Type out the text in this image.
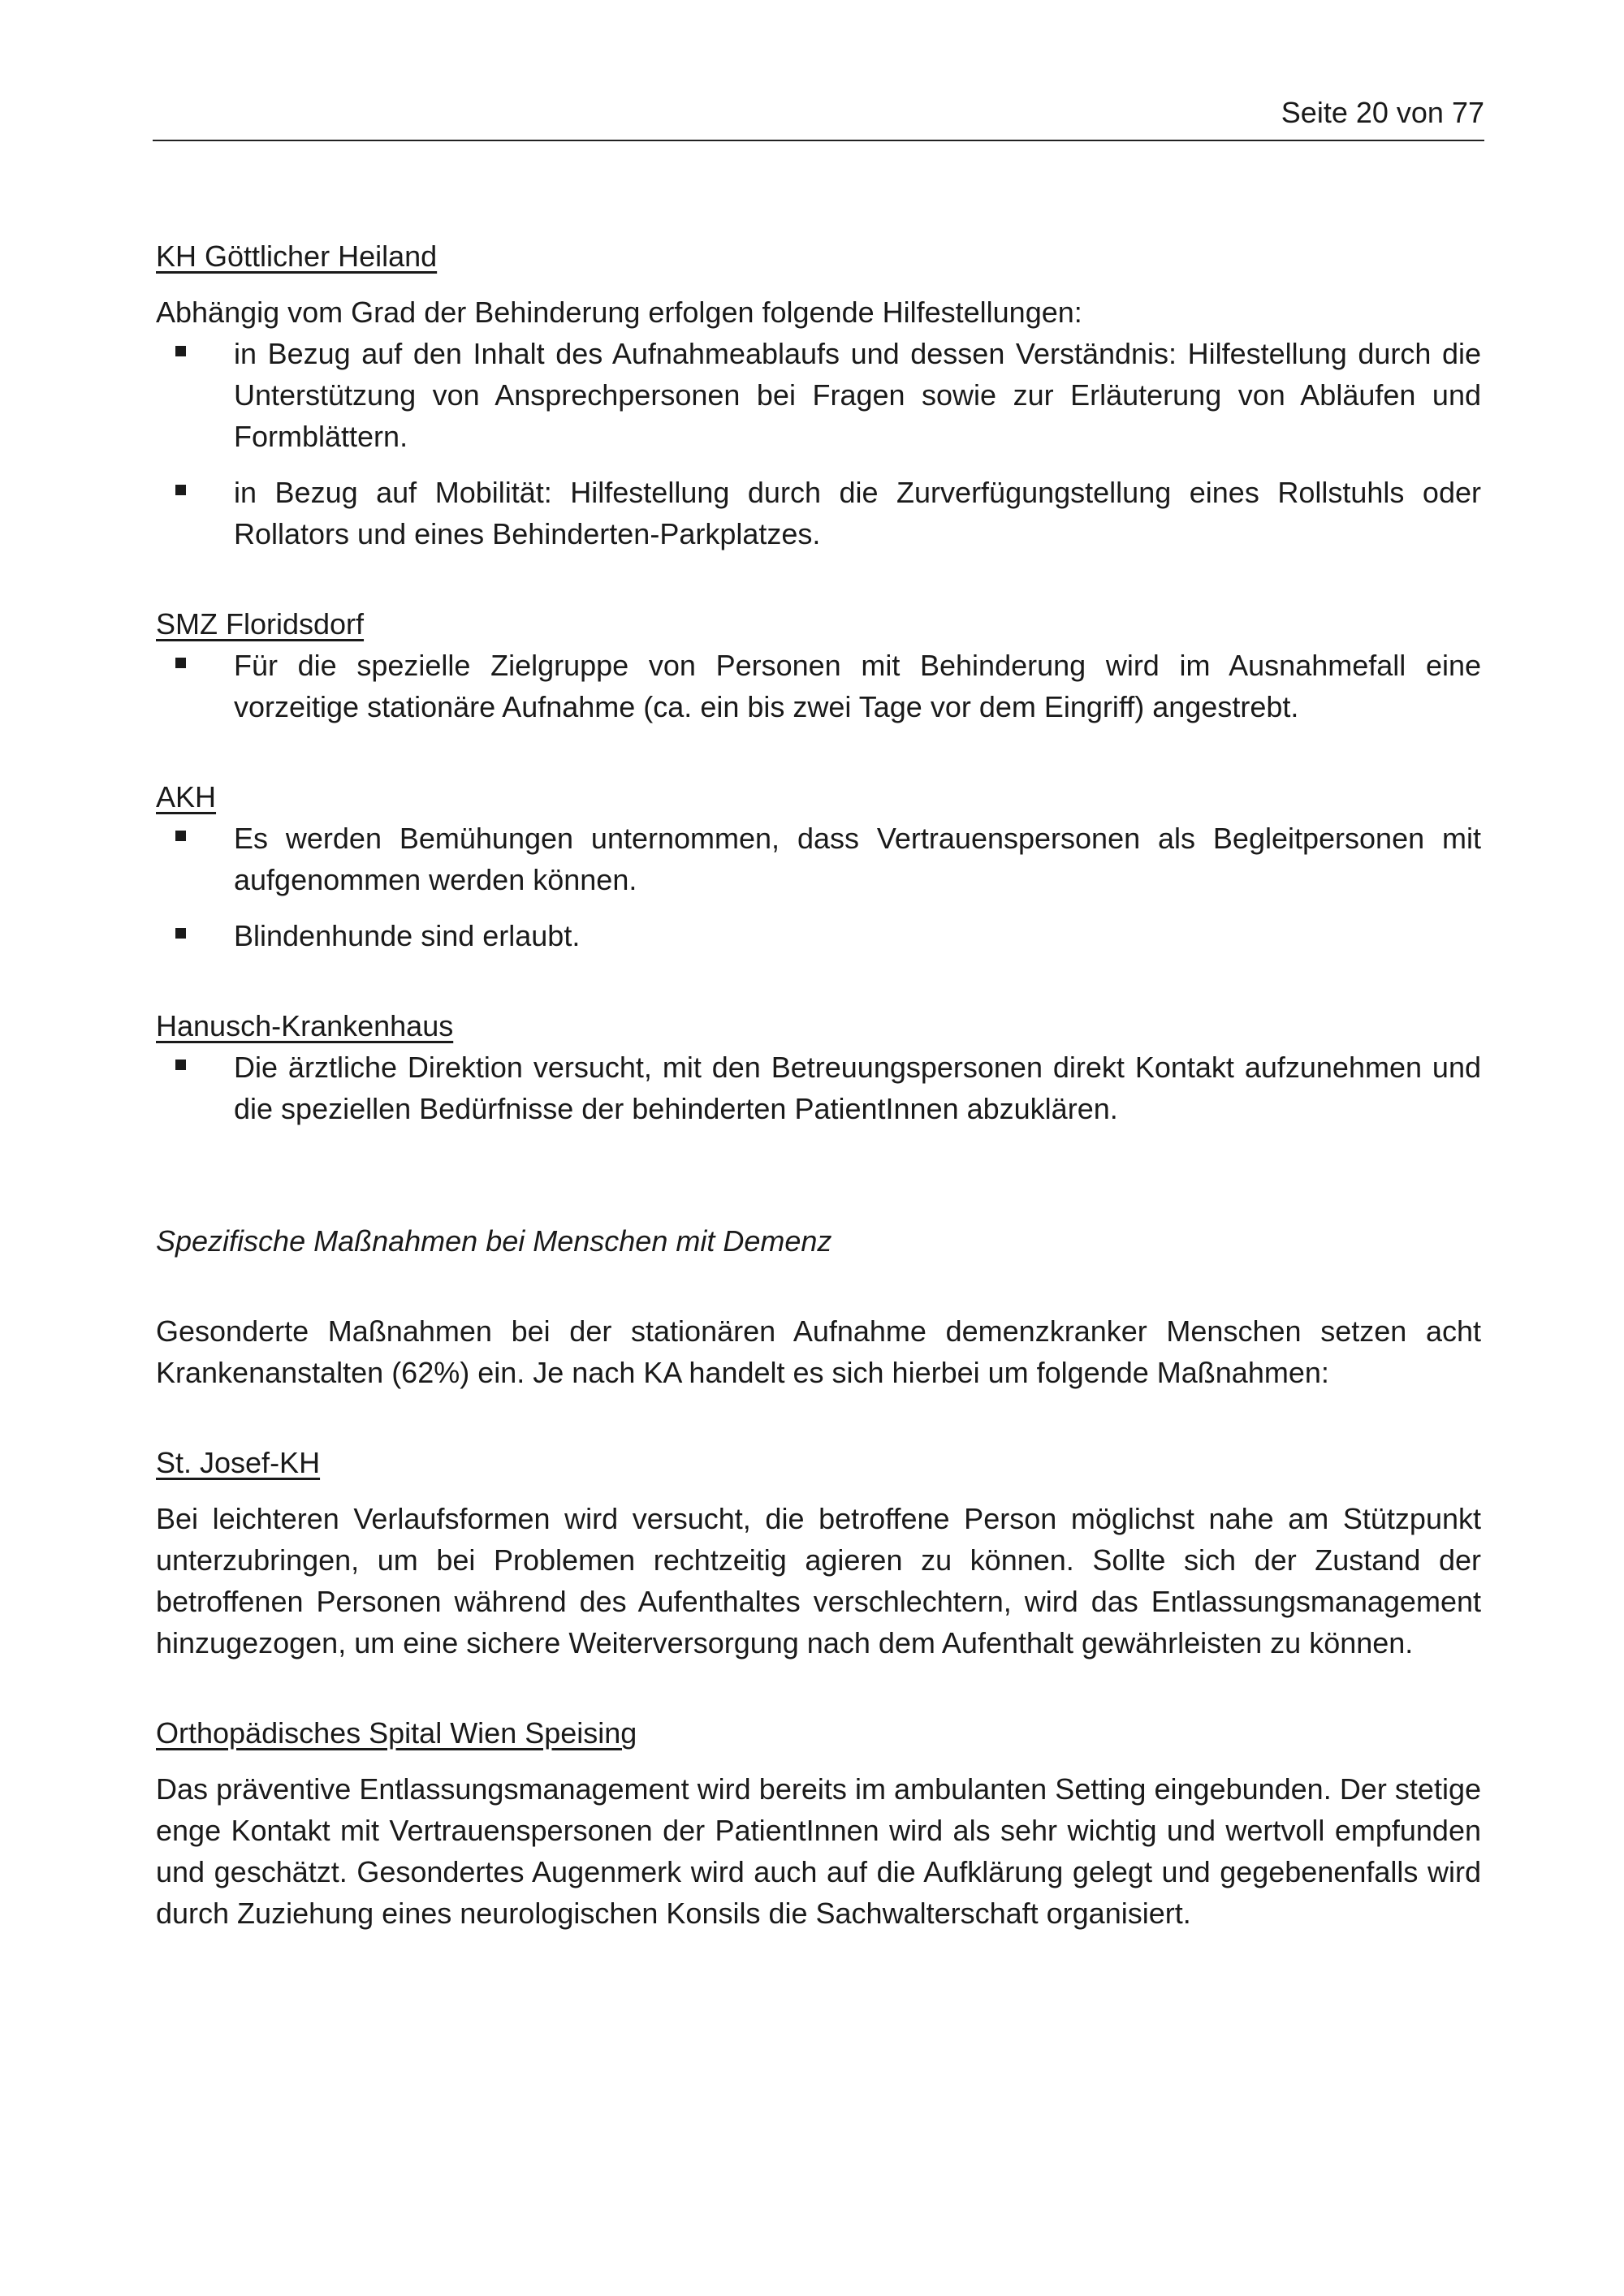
Seite 20 von 77
KH Göttlicher Heiland

Abhängig vom Grad der Behinderung erfolgen folgende Hilfestellungen:

in Bezug auf den Inhalt des Aufnahmeablaufs und dessen Verständnis: Hilfestellung durch die Unterstützung von Ansprechpersonen bei Fragen sowie zur Erläuterung von Abläufen und Formblättern.
in Bezug auf Mobilität: Hilfestellung durch die Zurverfügungstellung eines Rollstuhls oder Rollators und eines Behinderten-Parkplatzes.
SMZ Floridsdorf
Für die spezielle Zielgruppe von Personen mit Behinderung wird im Ausnahmefall eine vorzeitige stationäre Aufnahme (ca. ein bis zwei Tage vor dem Eingriff) angestrebt.
AKH
Es werden Bemühungen unternommen, dass Vertrauenspersonen als Begleitpersonen mit aufgenommen werden können.
Blindenhunde sind erlaubt.
Hanusch-Krankenhaus
Die ärztliche Direktion versucht, mit den Betreuungspersonen direkt Kontakt aufzunehmen und die speziellen Bedürfnisse der behinderten PatientInnen abzuklären.
Spezifische Maßnahmen bei Menschen mit Demenz

Gesonderte Maßnahmen bei der stationären Aufnahme demenzkranker Menschen setzen acht Krankenanstalten (62%) ein. Je nach KA handelt es sich hierbei um folgende Maßnahmen:

St. Josef-KH

Bei leichteren Verlaufsformen wird versucht, die betroffene Person möglichst nahe am Stützpunkt unterzubringen, um bei Problemen rechtzeitig agieren zu können. Sollte sich der Zustand der betroffenen Personen während des Aufenthaltes verschlechtern, wird das Entlassungsmanagement hinzugezogen, um eine sichere Weiterversorgung nach dem Aufenthalt gewährleisten zu können.

Orthopädisches Spital Wien Speising

Das präventive Entlassungsmanagement wird bereits im ambulanten Setting eingebunden. Der stetige enge Kontakt mit Vertrauenspersonen der PatientInnen wird als sehr wichtig und wertvoll empfunden und geschätzt. Gesondertes Augenmerk wird auch auf die Aufklärung gelegt und gegebenenfalls wird durch Zuziehung eines neurologischen Konsils die Sachwalterschaft organisiert.
